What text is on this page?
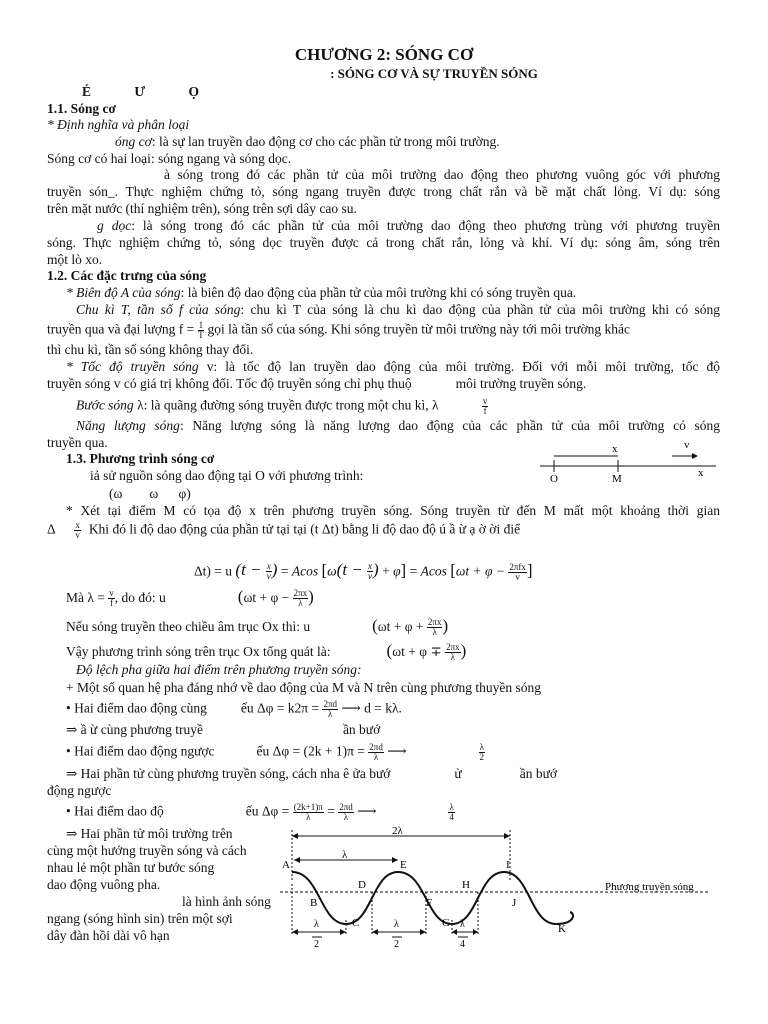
CHƯƠNG 2: SÓNG CƠ
: SÓNG CƠ VÀ SỰ TRUYỀN SÓNG
É Ư Ọ
1.1. Sóng cơ
* Định nghĩa và phân loại
óng cơ: là sự lan truyền dao động cơ cho các phần tử trong môi trường.
Sóng cơ có hai loại: sóng ngang và sóng dọc.
à sóng trong đó các phần tử của môi trường dao động theo phương vuông góc với phương
truyền són_. Thực nghiệm chứng tỏ, sóng ngang truyền được trong chất rắn và bề mặt chất lỏng. Ví dụ: sóng
trên mặt nước (thí nghiệm trên), sóng trên sợi dây cao su.
g dọc: là sóng trong đó các phần tử của môi trường dao động theo phương trùng với phương truyền
sóng. Thực nghiệm chứng tỏ, sóng dọc truyền được cả trong chất rắn, lỏng và khí. Ví dụ: sóng âm, sóng trên
một lò xo.
1.2. Các đặc trưng của sóng
* Biên độ A của sóng: là biên độ dao động của phần tử của môi trường khi có sóng truyền qua.
Chu kì T, tần số f của sóng: chu kì T của sóng là chu kì dao động của phần tử của môi trường khi có sóng
truyền qua và đại lượng $f = \frac{1}{T}$ gọi là tần số của sóng. Khi sóng truyền từ môi trường này tới môi trường khác
thì chu kì, tần số sóng không thay đổi.
* Tốc độ truyền sóng v: là tốc độ lan truyền dao động của môi trường. Đối với mỗi môi trường, tốc độ
truyền sóng v có giá trị không đổi. Tốc độ truyền sóng chỉ phụ thuộ	môi trường truyền sóng.
Bước sóng λ: là quãng đường sóng truyền được trong một chu kì, λ	$\frac{v}{f}$
Năng lượng sóng: Năng lượng sóng là năng lượng dao động của các phần tử của môi trường có sóng
truyền qua.
1.3. Phương trình sóng cơ
iả sử nguồn sóng dao động tại O với phương trình:
(ω        ω      φ)
x
O	M	x
v
* Xét tại điểm M có tọa độ x trên phương truyền sóng. Sóng truyền từ đến M mất một khoảng thời gian
Δ $\frac{x}{v}$ Khi đó li độ dao động của phần tử tại tại (t Δt) bằng li độ dao độ ú ầ ừ ạ ờ ời điể
Δt) = u ($t - \frac{x}{v}$ ) = Acos [$\omega(t - \frac{x}{v}$ ) + φ] = Acos [$\omega t + \varphi - \frac{\text{2πfx}}{v}$ ]
Mà $\lambda = \frac{v}{f}$ , do đó: u	($\omega t + \varphi - \frac{2\pi x}{\lambda}$ )
Nếu sóng truyền theo chiều âm trục Ox thì: u	($\omega t + \varphi + \frac{2\pi x}{\lambda}$ )
Vậy phương trình sóng trên trục Ox tổng quát là:	($\omega t + \varphi \mp \frac{2\pi x}{\lambda}$ )
Độ lệch pha giữa hai điểm trên phương truyền sóng:
+ Một số quan hệ pha đáng nhớ về dao động của M và N trên cùng phương thuyền sóng
• Hai điểm dao động cùng	ếu $\Delta\varphi = k2\pi = \frac{2\pi d}{\lambda}$ ⟶ d = kλ.
⇒ ầ ừ cùng phương truyề	ần bướ
• Hai điểm dao động ngược	ếu $\Delta\varphi = (2k + 1)\pi = \frac{2\pi d}{\lambda}$ ⟶	$\frac{\lambda}{2}$
⇒ Hai phần tử cùng phương truyền sóng, cách nha ê ửa bướ	ử	ần bướ
động ngược
• Hai điểm dao độ	ếu $\Delta\varphi = \frac{(2k+1)\pi}{\lambda} = \frac{2\pi d}{\lambda}$ ⟶	$\frac{\lambda}{4}$
⇒ Hai phần tử môi trường trên
cùng một hướng truyền sóng và cách
nhau lẻ một phần tư bước sóng
dao động vuông pha.
là hình ảnh sóng
ngang (sóng hình sin) trên một sợi
dây đàn hồi dài vô hạn
2λ
λ
Phương truyền sóng
A
B
C
D
E
F
G
H
I
J
K
λ
2
λ
2
λ
4
